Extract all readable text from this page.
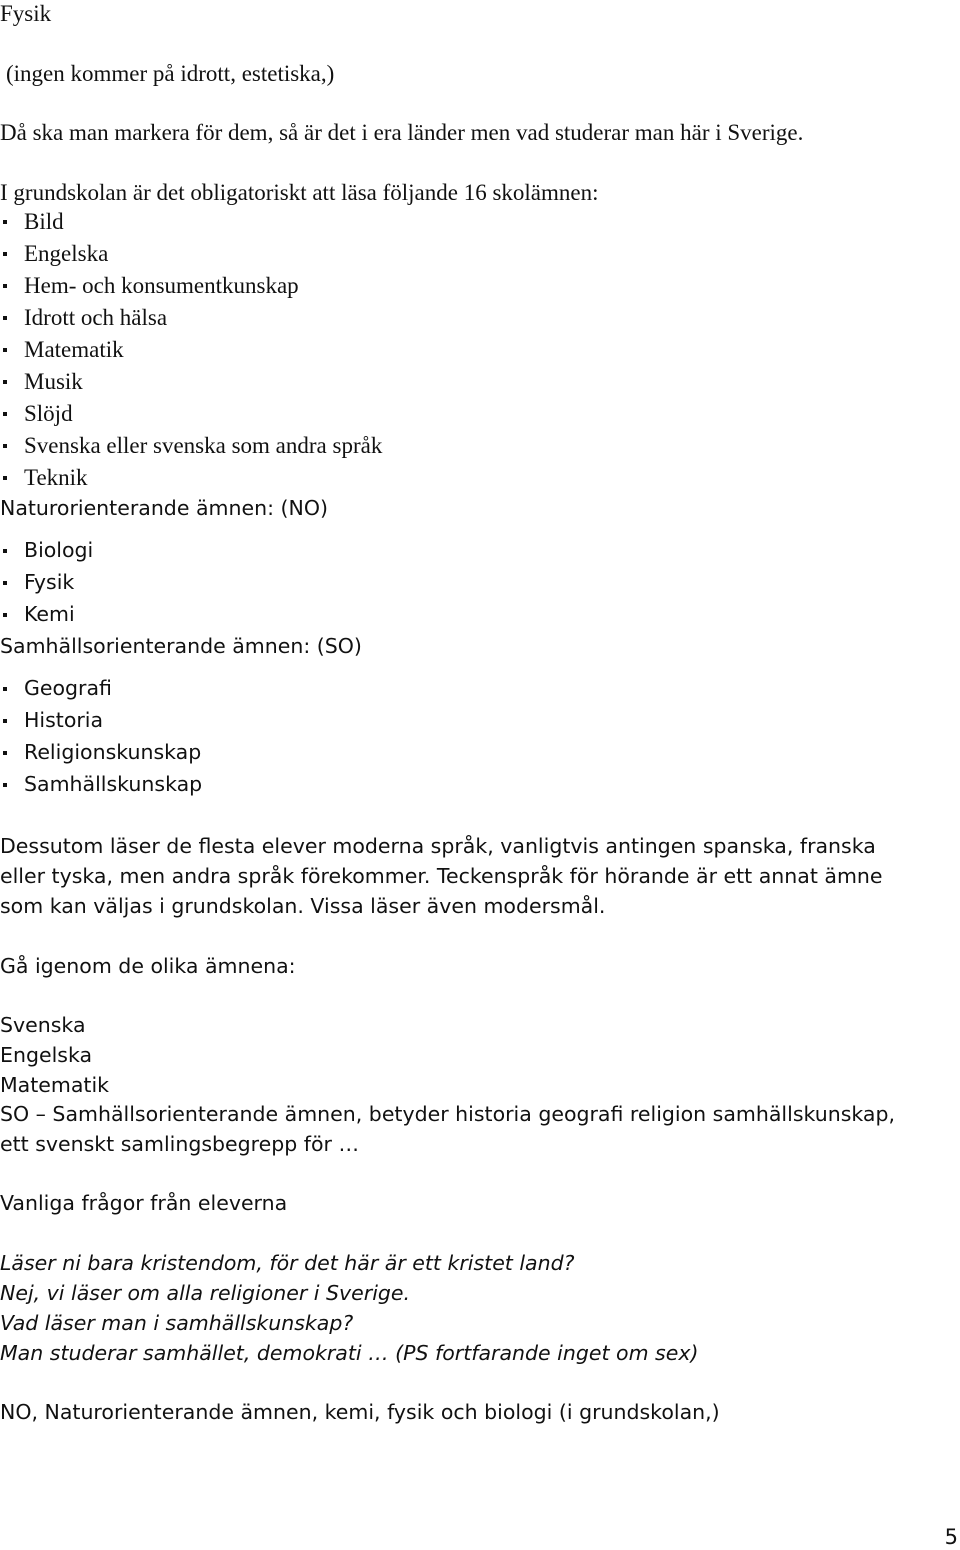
Fysik
(ingen kommer på idrott, estetiska,)
Då ska man markera för dem, så är det i era länder men vad studerar man här i Sverige.
I grundskolan är det obligatoriskt att läsa följande 16 skolämnen:
Bild
Engelska
Hem- och konsumentkunskap
Idrott och hälsa
Matematik
Musik
Slöjd
Svenska eller svenska som andra språk
Teknik
Naturorienterande ämnen: (NO)
Biologi
Fysik
Kemi
Samhällsorienterande ämnen: (SO)
Geografi
Historia
Religionskunskap
Samhällskunskap
Dessutom läser de flesta elever moderna språk, vanligtvis antingen spanska, franska
eller tyska, men andra språk förekommer. Teckenspråk för hörande är ett annat ämne
som kan väljas i grundskolan. Vissa läser även modersmål.
Gå igenom de olika ämnena:
Svenska
Engelska
Matematik
SO – Samhällsorienterande ämnen, betyder historia geografi religion samhällskunskap,
ett svenskt samlingsbegrepp för …
Vanliga frågor från eleverna
Läser ni bara kristendom, för det här är ett kristet land?
Nej, vi läser om alla religioner i Sverige.
Vad läser man i samhällskunskap?
Man studerar samhället, demokrati … (PS fortfarande inget om sex)
NO, Naturorienterande ämnen, kemi, fysik och biologi (i grundskolan,)
5
